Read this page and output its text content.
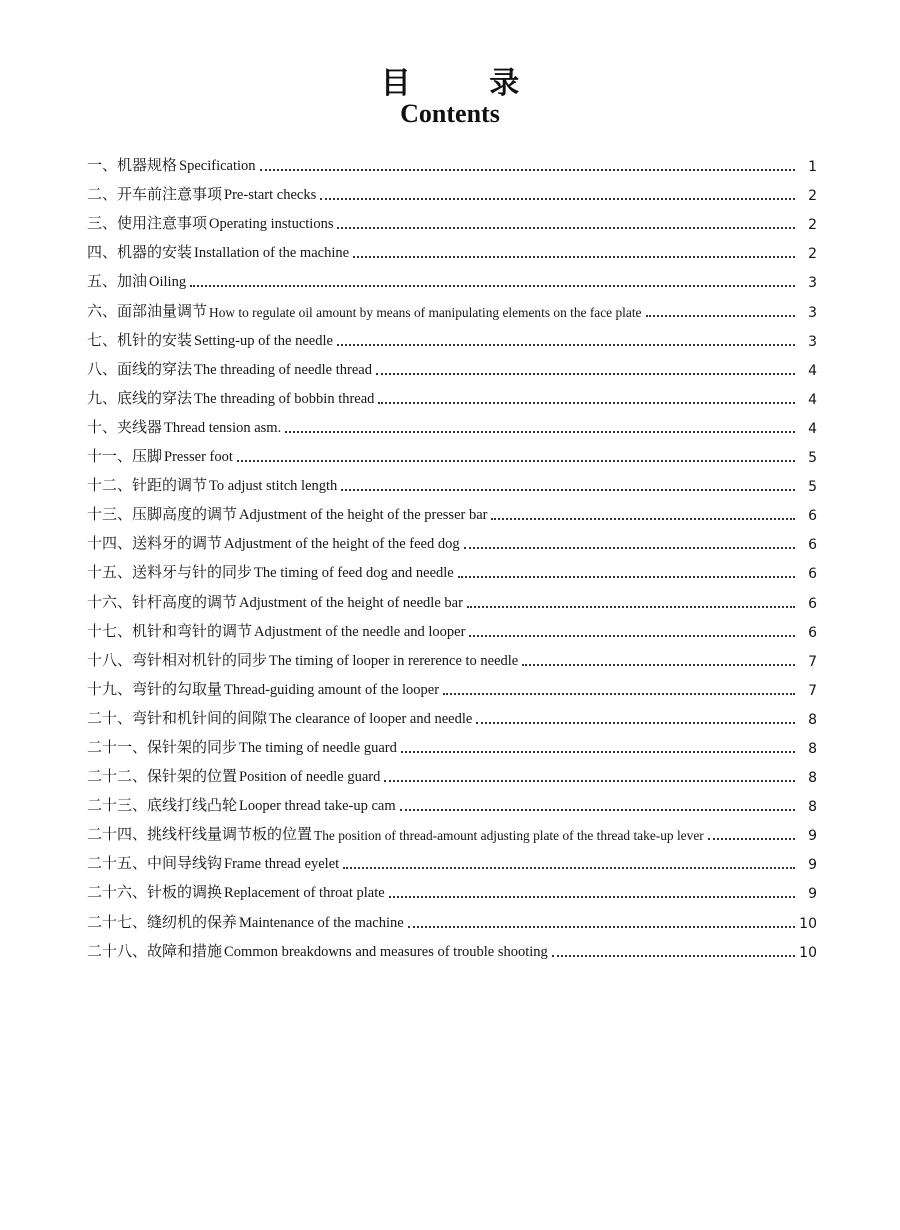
目 录
Contents
一、 机器规格 Specification	1
二、 开车前注意事项 Pre-start checks	2
三、 使用注意事项 Operating instuctions	2
四、 机器的安装 Installation of the machine	2
五、 加油 Oiling	3
六、 面部油量调节 How to regulate oil amount by means of manipulating elements on the face plate	3
七、 机针的安装 Setting-up of the needle	3
八、 面线的穿法 The threading of needle thread	4
九、 底线的穿法 The threading of bobbin thread	4
十、 夹线器 Thread tension asm.	4
十一、 压脚 Presser foot	5
十二、 针距的调节 To adjust stitch length	5
十三、 压脚高度的调节 Adjustment of the height of the presser bar	6
十四、 送料牙的调节 Adjustment of the height of the feed dog	6
十五、 送料牙与针的同步 The timing of feed dog and needle	6
十六、 针杆高度的调节 Adjustment of the height of needle bar	6
十七、 机针和弯针的调节 Adjustment of the needle and looper	6
十八、 弯针相对机针的同步 The timing of looper in rererence to needle	7
十九、 弯针的勾取量 Thread-guiding amount of the looper	7
二十、 弯针和机针间的间隙 The clearance of looper and needle	8
二十一、 保针架的同步 The timing of needle guard	8
二十二、 保针架的位置 Position of needle guard	8
二十三、 底线打线凸轮 Looper thread take-up cam	8
二十四、 挑线杆线量调节板的位置 The position of thread-amount adjusting plate of the thread take-up lever	9
二十五、 中间导线钩 Frame thread eyelet	9
二十六、 针板的调换 Replacement of throat plate	9
二十七、 缝纫机的保养 Maintenance of the machine	10
二十八、 故障和措施 Common breakdowns and measures of trouble shooting	10
